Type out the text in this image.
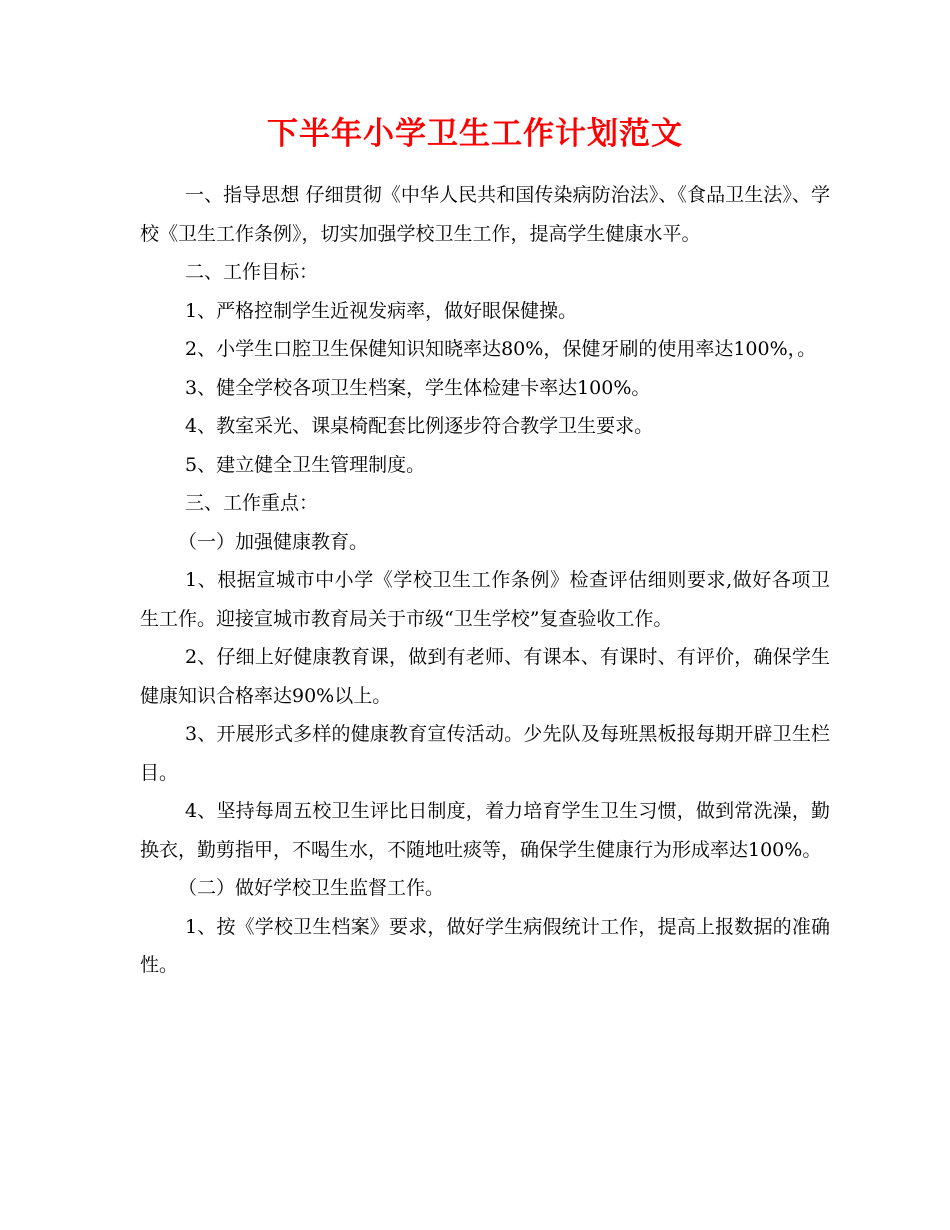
下半年小学卫生工作计划范文

一、指导思想 仔细贯彻《中华人民共和国传染病防治法》、《食品卫生法》、学校《卫生工作条例》，切实加强学校卫生工作，提高学生健康水平。

二、工作目标：

1、严格控制学生近视发病率，做好眼保健操。

2、小学生口腔卫生保健知识知晓率达80%，保健牙刷的使用率达100%，。

3、健全学校各项卫生档案，学生体检建卡率达100%。

4、教室采光、课桌椅配套比例逐步符合教学卫生要求。

5、建立健全卫生管理制度。

三、工作重点：

（一）加强健康教育。

1、根据宣城市中小学《学校卫生工作条例》检查评估细则要求,做好各项卫生工作。迎接宣城市教育局关于市级“卫生学校”复查验收工作。

2、仔细上好健康教育课，做到有老师、有课本、有课时、有评价，确保学生健康知识合格率达90%以上。

3、开展形式多样的健康教育宣传活动。少先队及每班黑板报每期开辟卫生栏目。

4、坚持每周五校卫生评比日制度，着力培育学生卫生习惯，做到常洗澡，勤换衣，勤剪指甲，不喝生水，不随地吐痰等，确保学生健康行为形成率达100%。

（二）做好学校卫生监督工作。

1、按《学校卫生档案》要求，做好学生病假统计工作，提高上报数据的准确性。
